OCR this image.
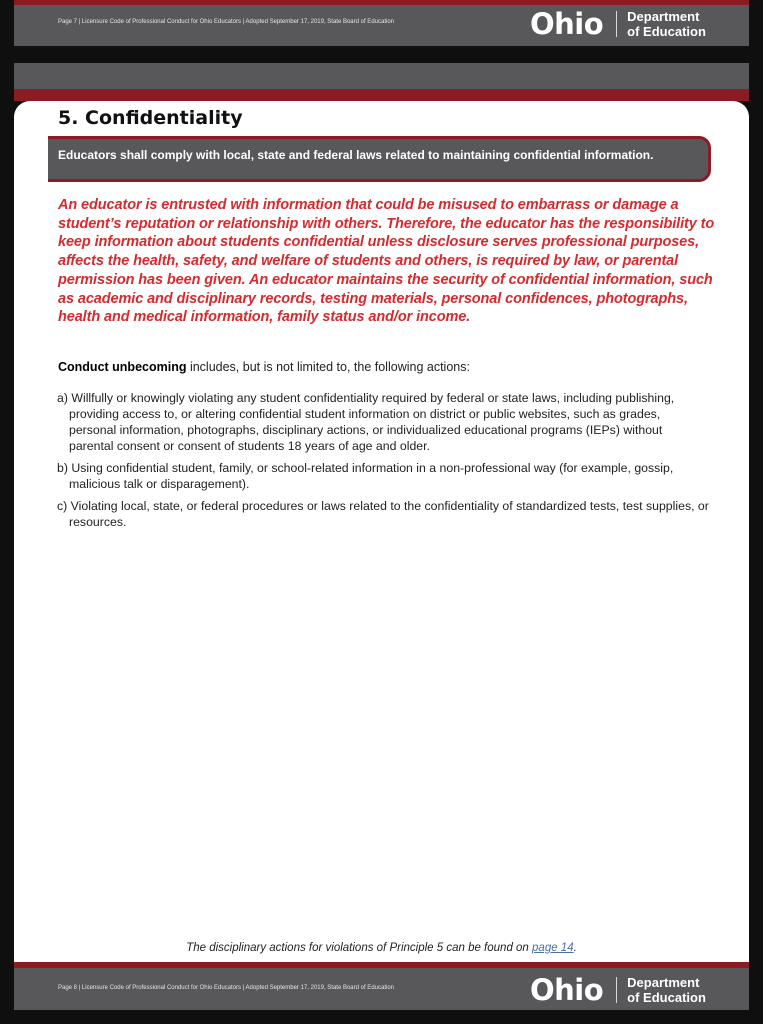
Page 7 | Licensure Code of Professional Conduct for Ohio Educators | Adopted September 17, 2019, State Board of Education	Ohio Department
of Education
5. Confidentiality
Educators shall comply with local, state and federal laws related to maintaining confidential information.

An educator is entrusted with information that could be misused to embarrass or damage a student’s reputation or relationship with others. Therefore, the educator has the responsibility to keep information about students confidential unless disclosure serves professional purposes, affects the health, safety, and welfare of students and others, is required by law, or parental permission has been given. An educator maintains the security of confidential information, such as academic and disciplinary records, testing materials, personal confidences, photographs, health and medical information, family status and/or income.

Conduct unbecoming includes, but is not limited to, the following actions:

a) Willfully or knowingly violating any student confidentiality required by federal or state laws, including publishing, providing access to, or altering confidential student information on district or public websites, such as grades, personal information, photographs, disciplinary actions, or individualized educational programs (IEPs) without parental consent or consent of students 18 years of age and older.

b) Using confidential student, family, or school-related information in a non-professional way (for example, gossip, malicious talk or disparagement).

c) Violating local, state, or federal procedures or laws related to the confidentiality of standardized tests, test supplies, or resources.

The disciplinary actions for violations of Principle 5 can be found on page 14.

Page 8 | Licensure Code of Professional Conduct for Ohio Educators | Adopted September 17, 2019, State Board of Education	Ohio Department
of Education
